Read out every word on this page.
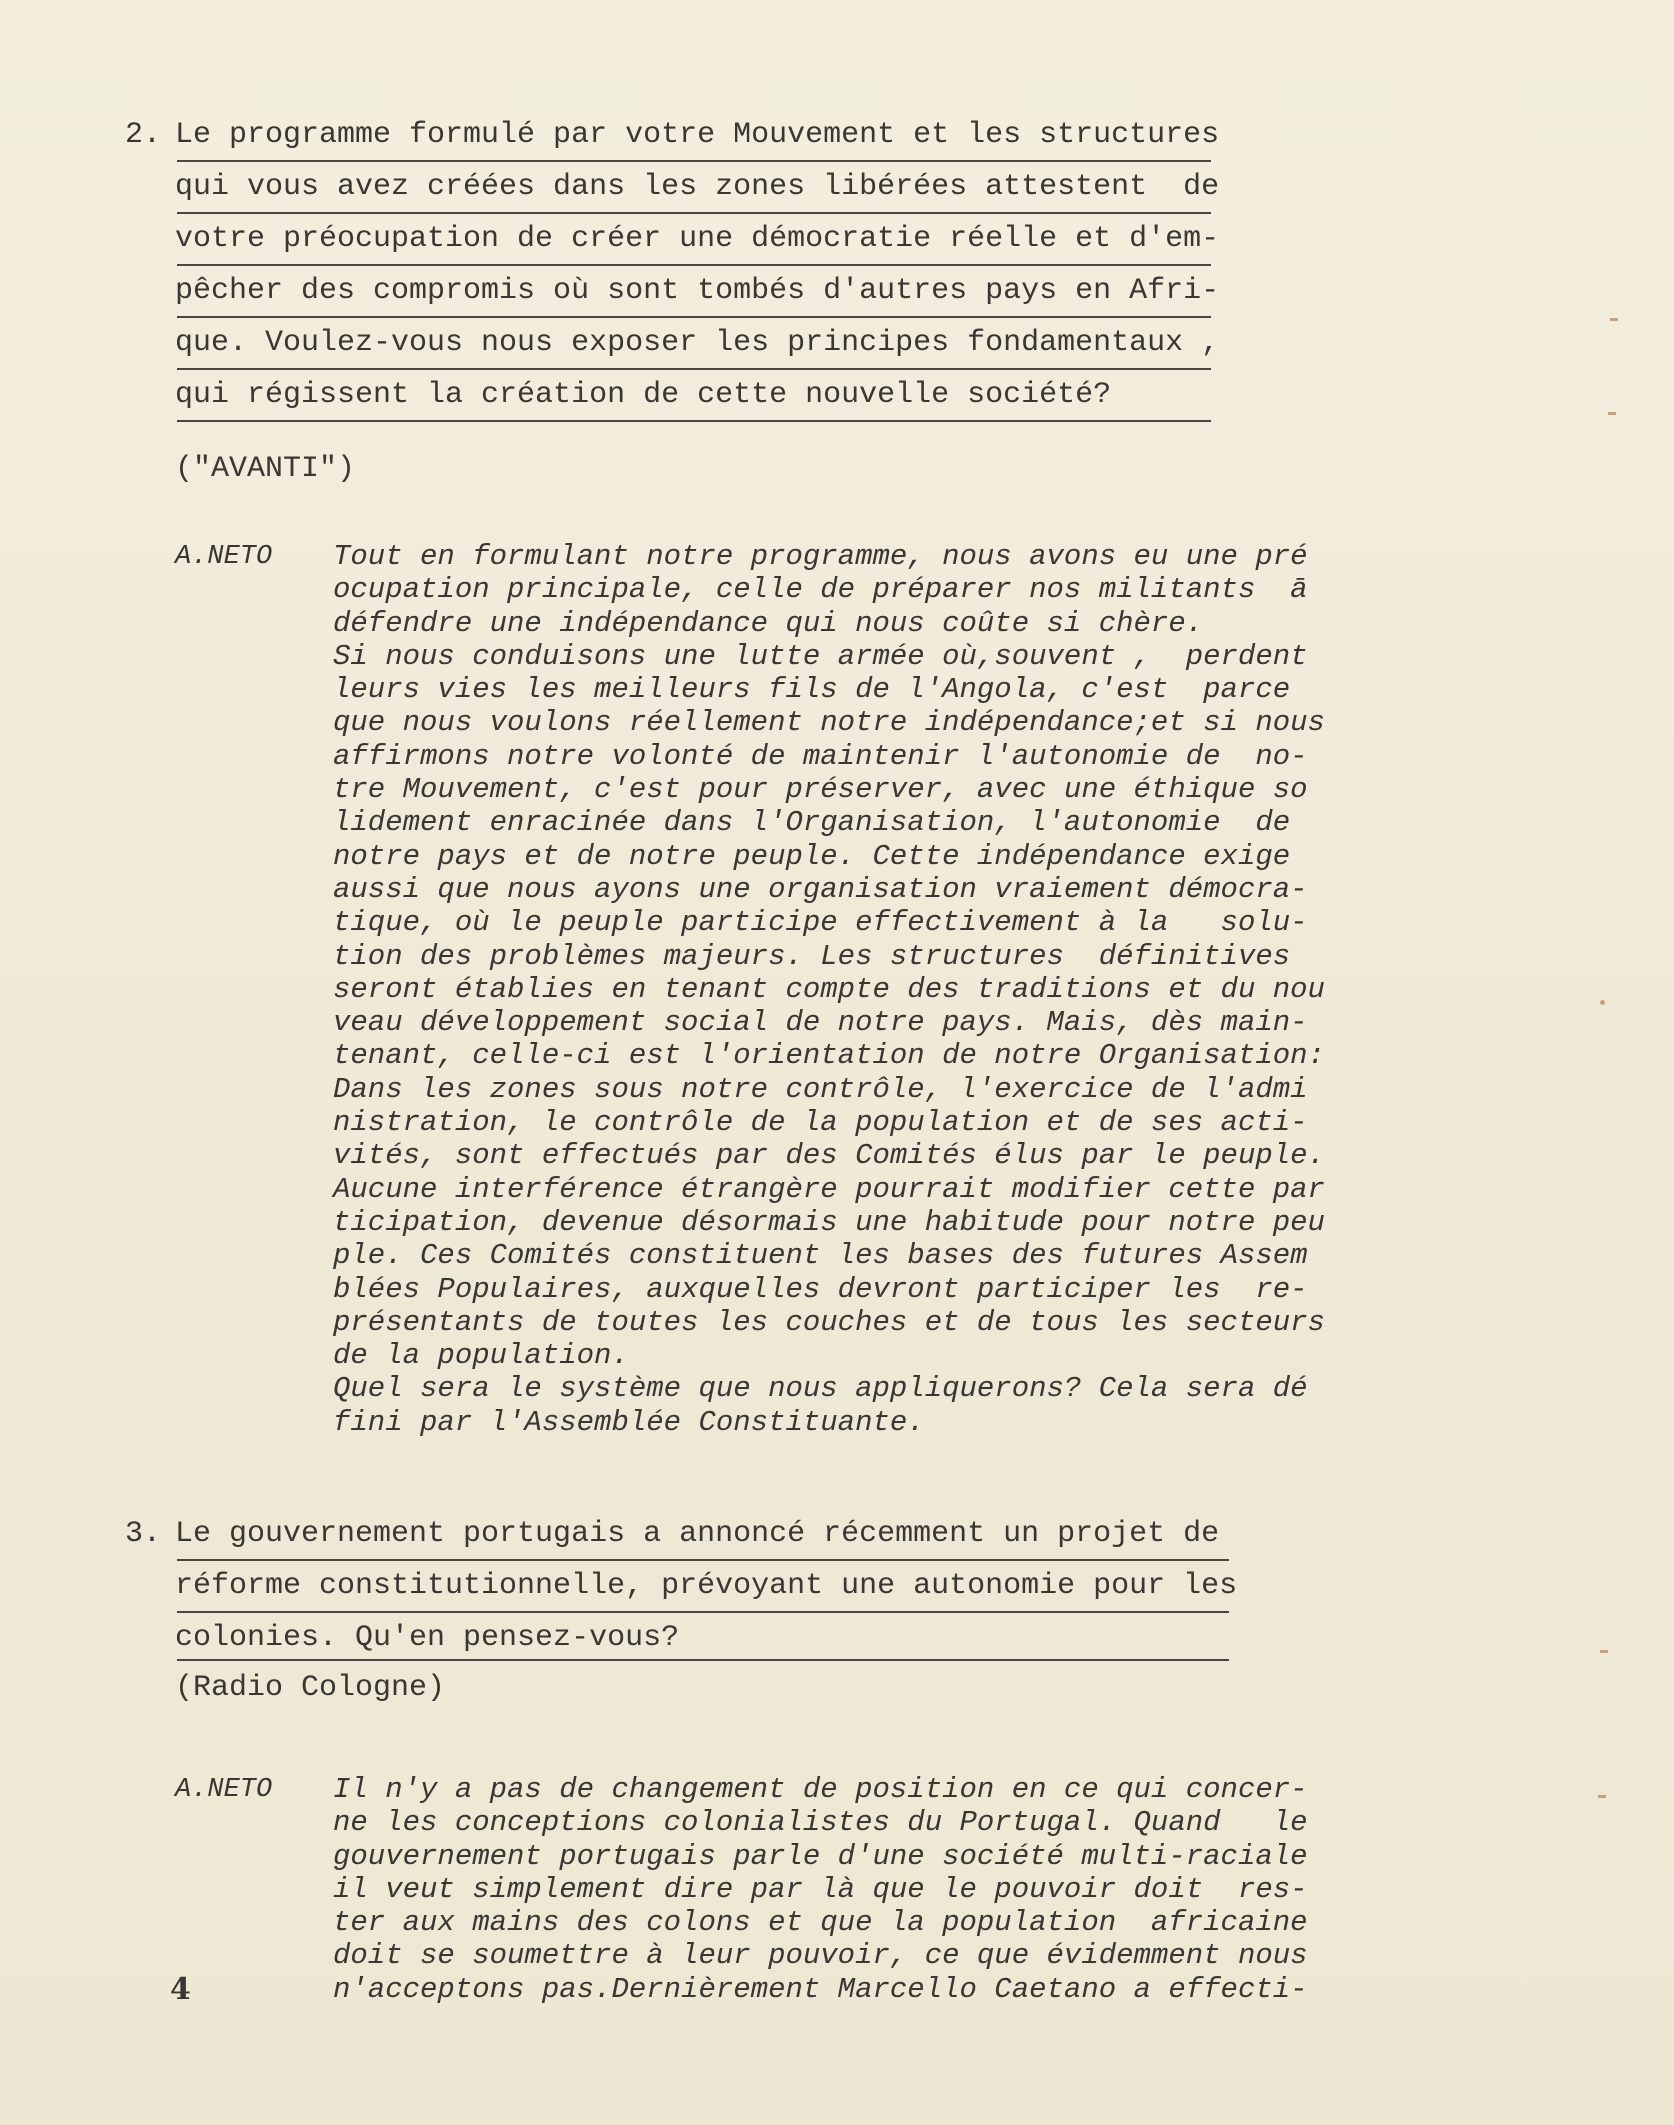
2. Le programme formulé par votre Mouvement et les structures
qui vous avez créées dans les zones libérées attestent  de
votre préocupation de créer une démocratie réelle et d'em-
pêcher des compromis où sont tombés d'autres pays en Afri-
que. Voulez-vous nous exposer les principes fondamentaux ,
qui régissent la création de cette nouvelle société?
("AVANTI")
A.NETO Tout en formulant notre programme, nous avons eu une pré
ocupation principale, celle de préparer nos militants  ā
défendre une indépendance qui nous coûte si chère.
Si nous conduisons une lutte armée où,souvent ,  perdent
leurs vies les meilleurs fils de l'Angola, c'est  parce
que nous voulons réellement notre indépendance;et si nous
affirmons notre volonté de maintenir l'autonomie de  no-
tre Mouvement, c'est pour préserver, avec une éthique so
lidement enracinée dans l'Organisation, l'autonomie  de
notre pays et de notre peuple. Cette indépendance exige
aussi que nous ayons une organisation vraiement démocra-
tique, où le peuple participe effectivement à la   solu-
tion des problèmes majeurs. Les structures  définitives
seront établies en tenant compte des traditions et du nou
veau développement social de notre pays. Mais, dès main-
tenant, celle-ci est l'orientation de notre Organisation:
Dans les zones sous notre contrôle, l'exercice de l'admi
nistration, le contrôle de la population et de ses acti-
vités, sont effectués par des Comités élus par le peuple.
Aucune interférence étrangère pourrait modifier cette par
ticipation, devenue désormais une habitude pour notre peu
ple. Ces Comités constituent les bases des futures Assem
blées Populaires, auxquelles devront participer les  re-
présentants de toutes les couches et de tous les secteurs
de la population.
Quel sera le système que nous appliquerons? Cela sera dé
fini par l'Assemblée Constituante.
3. Le gouvernement portugais a annoncé récemment un projet de
réforme constitutionnelle, prévoyant une autonomie pour les
colonies. Qu'en pensez-vous?
(Radio Cologne)
A.NETO Il n'y a pas de changement de position en ce qui concer-
ne les conceptions colonialistes du Portugal. Quand   le
gouvernement portugais parle d'une société multi-raciale
il veut simplement dire par là que le pouvoir doit  res-
ter aux mains des colons et que la population  africaine
doit se soumettre à leur pouvoir, ce que évidemment nous
n'acceptons pas.Dernièrement Marcello Caetano a effecti-
4
